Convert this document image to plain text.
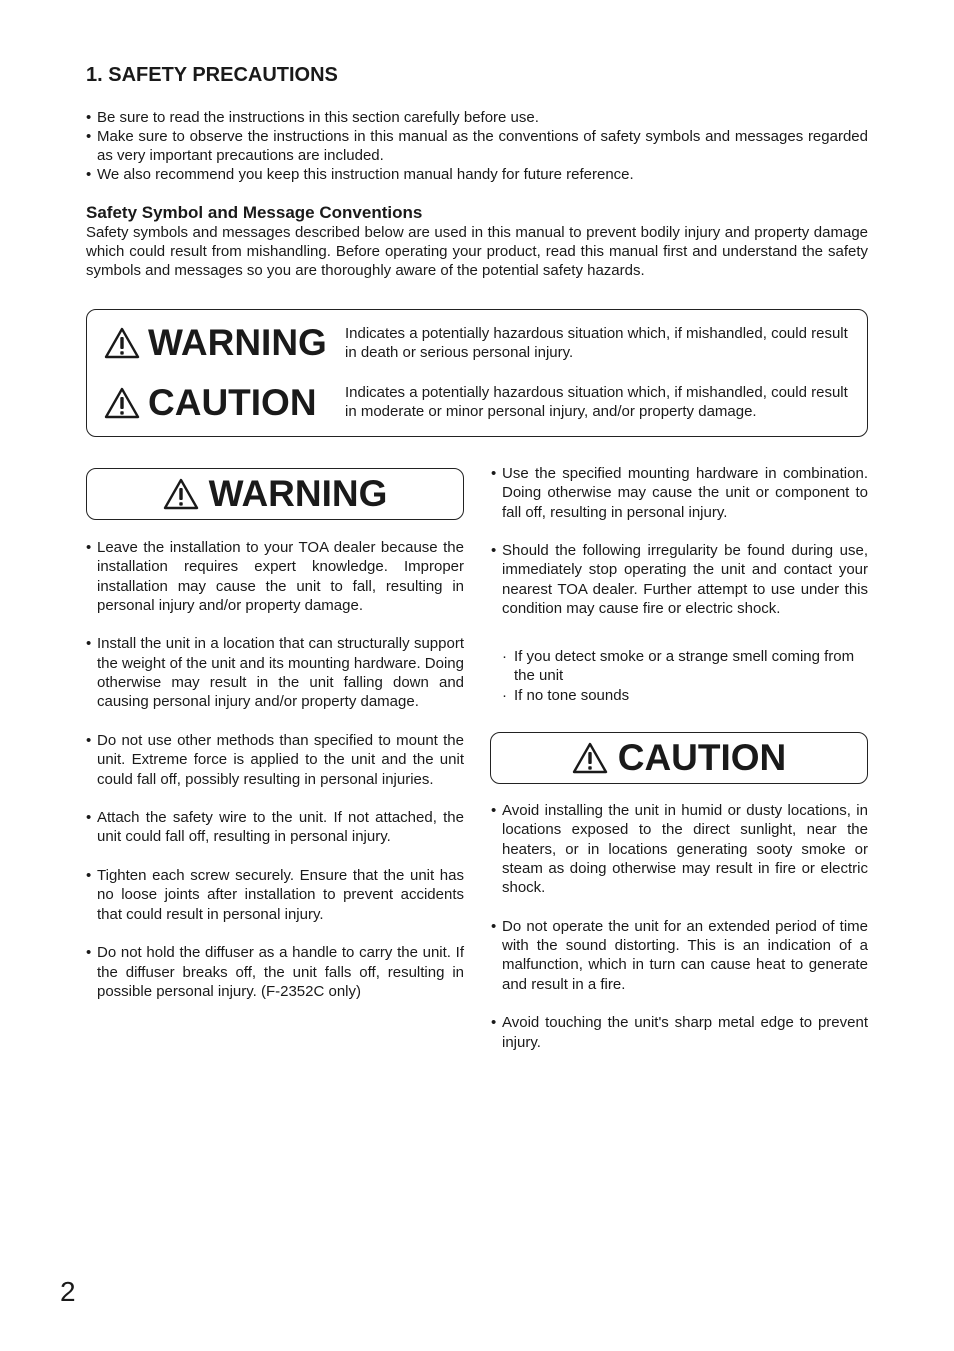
1. SAFETY PRECAUTIONS
• Be sure to read the instructions in this section carefully before use.
• Make sure to observe the instructions in this manual as the conventions of safety symbols and messages regarded as very important precautions are included.
• We also recommend you keep this instruction manual handy for future reference.
Safety Symbol and Message Conventions

Safety symbols and messages described below are used in this manual to prevent bodily injury and property damage which could result from mishandling. Before operating your product, read this manual first and understand the safety symbols and messages so you are thoroughly aware of the potential safety hazards.

WARNING Indicates a potentially hazardous situation which, if mishandled, could result in death or serious personal injury.

CAUTION Indicates a potentially hazardous situation which, if mishandled, could result in moderate or minor personal injury, and/or property damage.

WARNING
• Leave the installation to your TOA dealer because the installation requires expert knowledge. Improper installation may cause the unit to fall, resulting in personal injury and/or property damage.
• Install the unit in a location that can structurally support the weight of the unit and its mounting hardware. Doing otherwise may result in the unit falling down and causing personal injury and/or property damage.
• Do not use other methods than specified to mount the unit. Extreme force is applied to the unit and the unit could fall off, possibly resulting in personal injuries.
• Attach the safety wire to the unit. If not attached, the unit could fall off, resulting in personal injury.
• Tighten each screw securely. Ensure that the unit has no loose joints after installation to prevent accidents that could result in personal injury.
• Do not hold the diffuser as a handle to carry the unit. If the diffuser breaks off, the unit falls off, resulting in possible personal injury. (F-2352C only)
• Use the specified mounting hardware in combination. Doing otherwise may cause the unit or component to fall off, resulting in personal injury.
• Should the following irregularity be found during use, immediately stop operating the unit and contact your nearest TOA dealer. Further attempt to use under this condition may cause fire or electric shock.
· If you detect smoke or a strange smell coming from the unit
· If no tone sounds
CAUTION
• Avoid installing the unit in humid or dusty locations, in locations exposed to the direct sunlight, near the heaters, or in locations generating sooty smoke or steam as doing otherwise may result in fire or electric shock.
• Do not operate the unit for an extended period of time with the sound distorting. This is an indication of a malfunction, which in turn can cause heat to generate and result in a fire.
• Avoid touching the unit's sharp metal edge to prevent injury.
2
